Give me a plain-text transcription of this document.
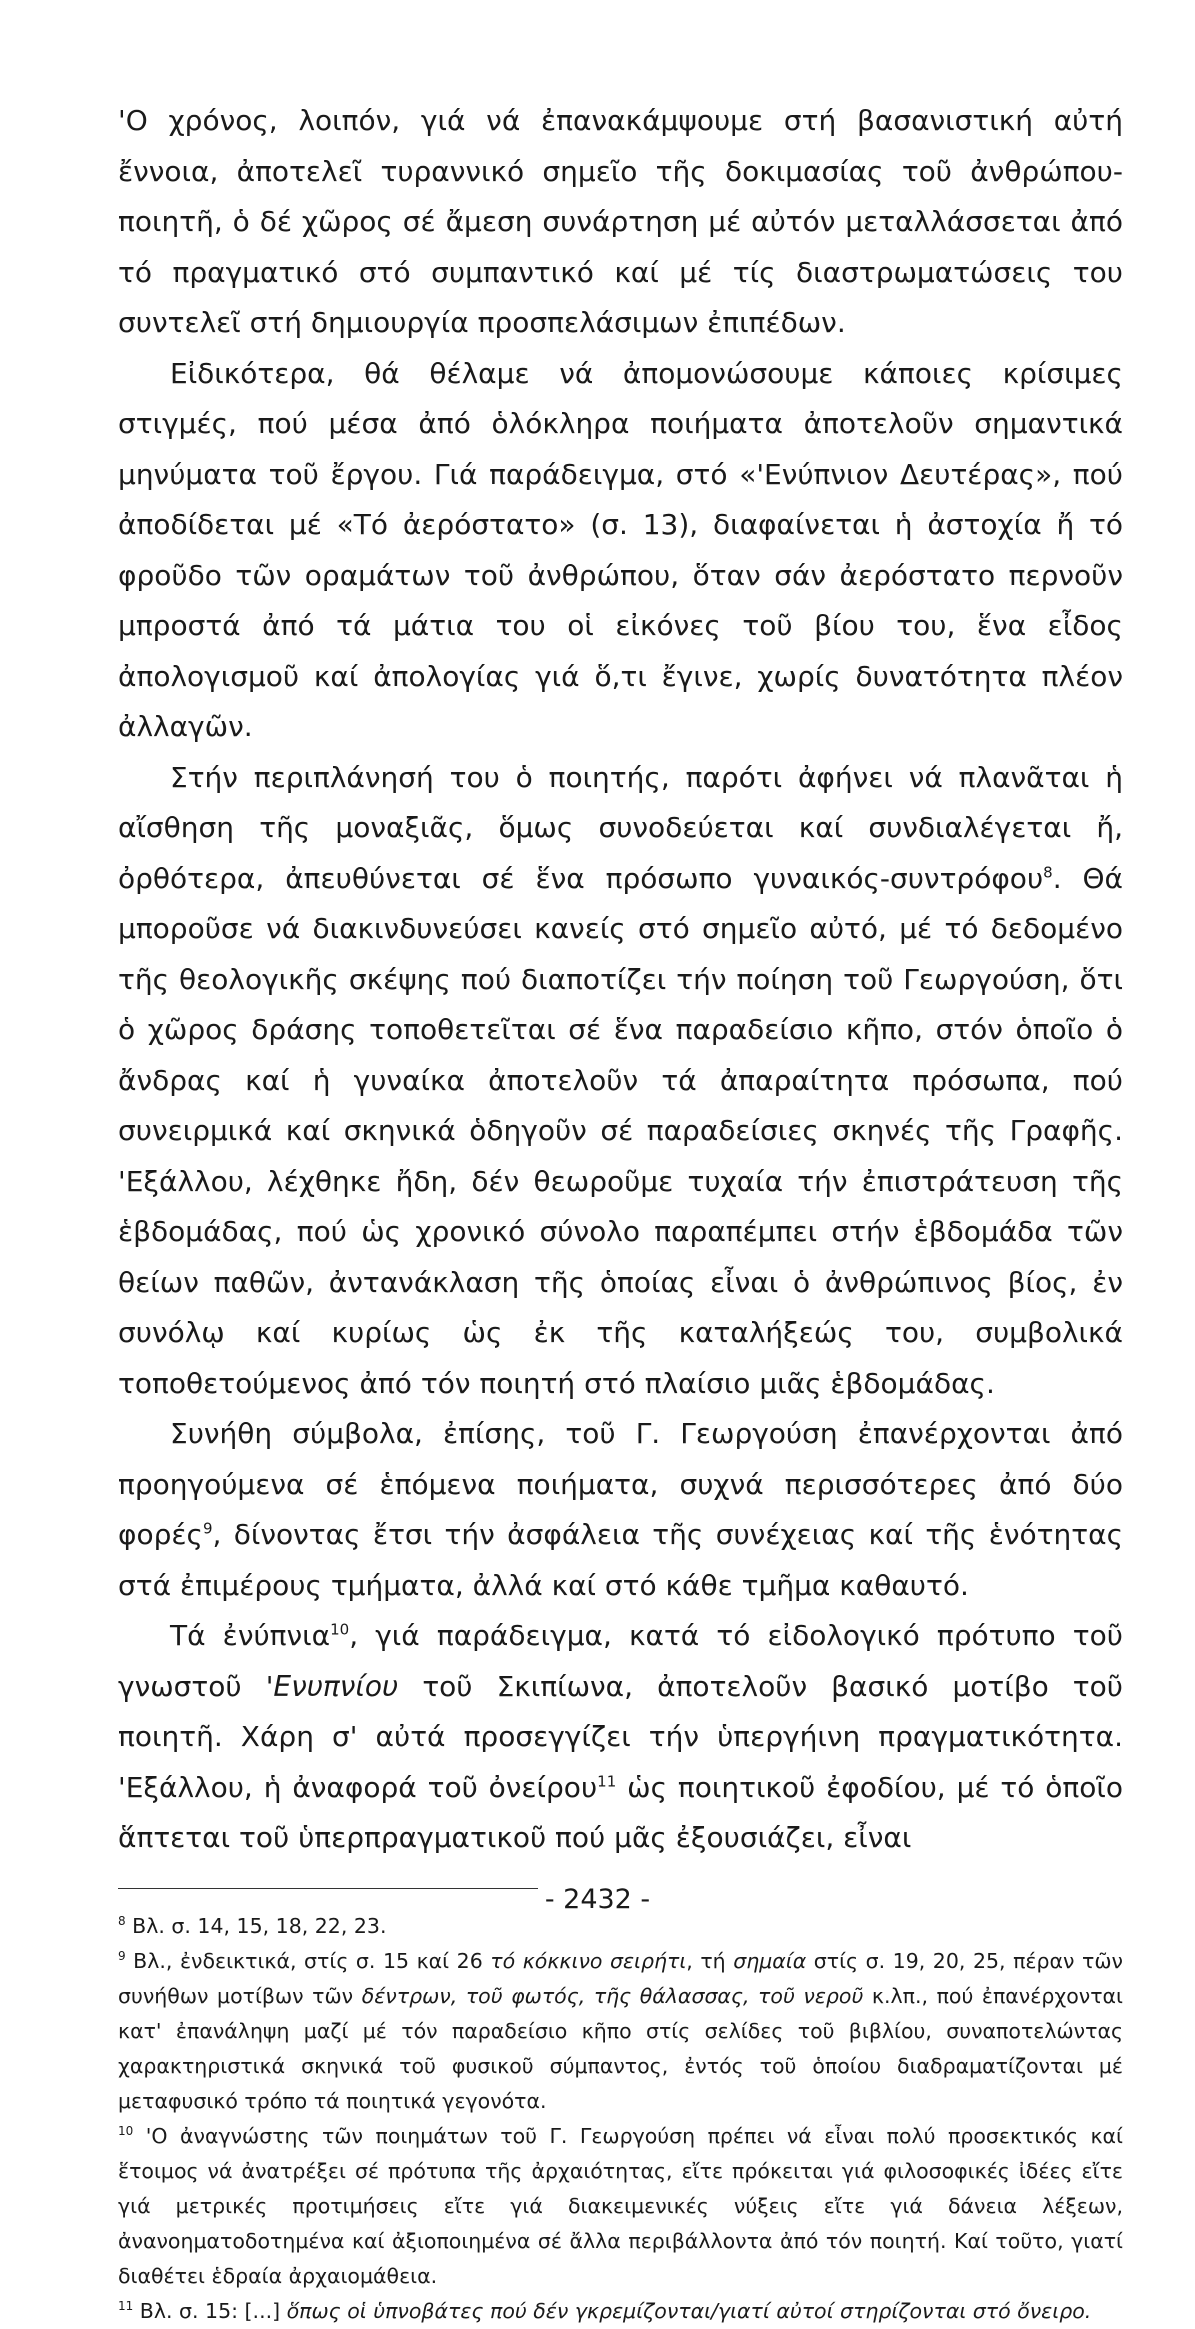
'Ο χρόνος, λοιπόν, γιά νά ἐπανακάμψουμε στή βασανιστική αὐτή ἔννοια, ἀποτελεῖ τυραννικό σημεῖο τῆς δοκιμασίας τοῦ ἀνθρώπου-ποιητῆ, ὁ δέ χῶρος σέ ἄμεση συνάρτηση μέ αὐτόν μεταλλάσσεται ἀπό τό πραγματικό στό συμπαντικό καί μέ τίς διαστρωματώσεις του συντελεῖ στή δημιουργία προσπελάσιμων ἐπιπέδων.

Εἰδικότερα, θά θέλαμε νά ἀπομονώσουμε κάποιες κρίσιμες στιγμές, πού μέσα ἀπό ὁλόκληρα ποιήματα ἀποτελοῦν σημαντικά μηνύματα τοῦ ἔργου. Γιά παράδειγμα, στό «'Ενύπνιον Δευτέρας», πού ἀποδίδεται μέ «Τό ἀερόστατο» (σ. 13), διαφαίνεται ἡ ἀστοχία ἤ τό φροῦδο τῶν οραμάτων τοῦ ἀνθρώπου, ὅταν σάν ἀερόστατο περνοῦν μπροστά ἀπό τά μάτια του οἱ εἰκόνες τοῦ βίου του, ἕνα εἶδος ἀπολογισμοῦ καί ἀπολογίας γιά ὅ,τι ἔγινε, χωρίς δυνατότητα πλέον ἀλλαγῶν.

Στήν περιπλάνησή του ὁ ποιητής, παρότι ἀφήνει νά πλανᾶται ἡ αἴσθηση τῆς μοναξιᾶς, ὅμως συνοδεύεται καί συνδιαλέγεται ἤ, ὀρθότερα, ἀπευθύνεται σέ ἕνα πρόσωπο γυναικός-συντρόφου$^8$. Θά μποροῦσε νά διακινδυνεύσει κανείς στό σημεῖο αὐτό, μέ τό δεδομένο τῆς θεολογικῆς σκέψης πού διαποτίζει τήν ποίηση τοῦ Γεωργούση, ὅτι ὁ χῶρος δράσης τοποθετεῖται σέ ἕνα παραδείσιο κῆπο, στόν ὁποῖο ὁ ἄνδρας καί ἡ γυναίκα ἀποτελοῦν τά ἀπαραίτητα πρόσωπα, πού συνειρμικά καί σκηνικά ὁδηγοῦν σέ παραδείσιες σκηνές τῆς Γραφῆς. 'Εξάλλου, λέχθηκε ἤδη, δέν θεωροῦμε τυχαία τήν ἐπιστράτευση τῆς ἑβδομάδας, πού ὡς χρονικό σύνολο παραπέμπει στήν ἑβδομάδα τῶν θείων παθῶν, ἀντανάκλαση τῆς ὁποίας εἶναι ὁ ἀνθρώπινος βίος, ἐν συνόλῳ καί κυρίως ὡς ἐκ τῆς καταλήξεώς του, συμβολικά τοποθετούμενος ἀπό τόν ποιητή στό πλαίσιο μιᾶς ἑβδομάδας.

Συνήθη σύμβολα, ἐπίσης, τοῦ Γ. Γεωργούση ἐπανέρχονται ἀπό προηγούμενα σέ ἑπόμενα ποιήματα, συχνά περισσότερες ἀπό δύο φορές$^9$, δίνοντας ἔτσι τήν ἀσφάλεια τῆς συνέχειας καί τῆς ἑνότητας στά ἐπιμέρους τμήματα, ἀλλά καί στό κάθε τμῆμα καθαυτό.

Τά ἐνύπνια$^{10}$, γιά παράδειγμα, κατά τό εἰδολογικό πρότυπο τοῦ γνωστοῦ 'Ενυπνίου τοῦ Σκιπίωνα, ἀποτελοῦν βασικό μοτίβο τοῦ ποιητῆ. Χάρη σ' αὐτά προσεγγίζει τήν ὑπεργήινη πραγματικότητα. 'Εξάλλου, ἡ ἀναφορά τοῦ ὀνείρου$^{11}$ ὡς ποιητικοῦ ἐφοδίου, μέ τό ὁποῖο ἅπτεται τοῦ ὑπερπραγματικοῦ πού μᾶς ἐξουσιάζει, εἶναι

$^8$ Βλ. σ. 14, 15, 18, 22, 23.

$^9$ Βλ., ἐνδεικτικά, στίς σ. 15 καί 26 τό κόκκινο σειρήτι, τή σημαία στίς σ. 19, 20, 25, πέραν τῶν συνήθων μοτίβων τῶν δέντρων, τοῦ φωτός, τῆς θάλασσας, τοῦ νεροῦ κ.λπ., πού ἐπανέρχονται κατ' ἐπανάληψη μαζί μέ τόν παραδείσιο κῆπο στίς σελίδες τοῦ βιβλίου, συναποτελώντας χαρακτηριστικά σκηνικά τοῦ φυσικοῦ σύμπαντος, ἐντός τοῦ ὁποίου διαδραματίζονται μέ μεταφυσικό τρόπο τά ποιητικά γεγονότα.

$^{10}$ 'Ο ἀναγνώστης τῶν ποιημάτων τοῦ Γ. Γεωργούση πρέπει νά εἶναι πολύ προσεκτικός καί ἕτοιμος νά ἀνατρέξει σέ πρότυπα τῆς ἀρχαιότητας, εἴτε πρόκειται γιά φιλοσοφικές ἰδέες εἴτε γιά μετρικές προτιμήσεις εἴτε γιά διακειμενικές νύξεις εἴτε γιά δάνεια λέξεων, ἀνανοηματοδοτημένα καί ἀξιοποιημένα σέ ἄλλα περιβάλλοντα ἀπό τόν ποιητή. Καί τοῦτο, γιατί διαθέτει ἑδραία ἀρχαιομάθεια.

$^{11}$ Βλ. σ. 15: [...] ὅπως οἱ ὑπνοβάτες πού δέν γκρεμίζονται/γιατί αὐτοί στηρίζονται στό ὄνειρο.

- 2432 -
